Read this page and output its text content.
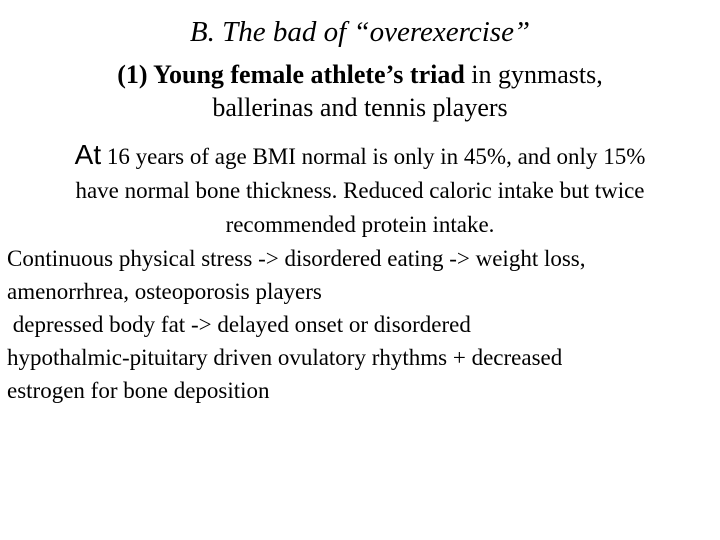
B. The bad of “overexercise”
(1) Young female athlete’s triad in gynmasts,
ballerinas and tennis players
At 16 years of age BMI normal is only in 45%, and only 15%
have normal bone thickness. Reduced caloric intake but twice
recommended protein intake.
Continuous physical stress -> disordered eating -> weight loss,
amenorrhrea, osteoporosis players
depressed body fat -> delayed onset or disordered
hypothalmic-pituitary driven ovulatory rhythms + decreased
estrogen for bone deposition
